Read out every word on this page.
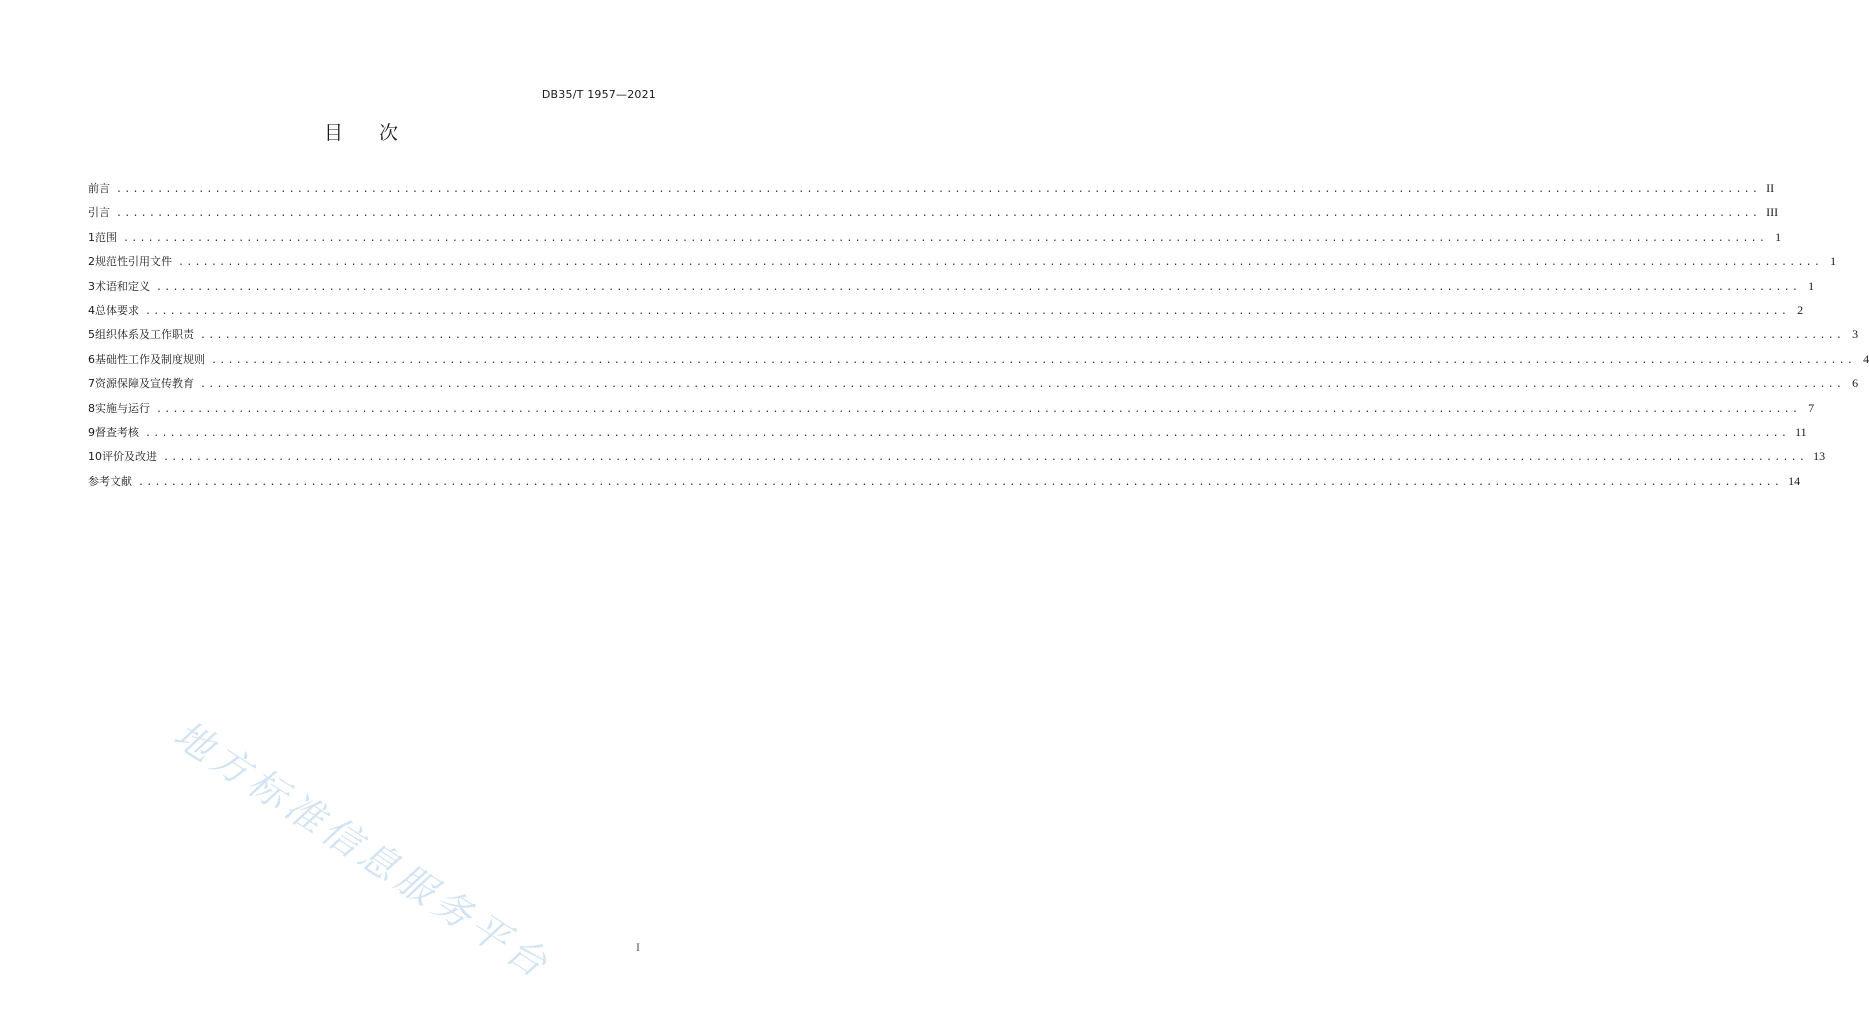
DB35/T 1957—2021
目 次
前言 ........................................................................................................................................................................................................ II
引言 ........................................................................................................................................................................................................ III
1 范围 ........................................................................................................................................................................................................ 1
2 规范性引用文件 ........................................................................................................................................................................................................ 1
3 术语和定义 ........................................................................................................................................................................................................ 1
4 总体要求 ........................................................................................................................................................................................................ 2
5 组织体系及工作职责 ........................................................................................................................................................................................................ 3
6 基础性工作及制度规则 ........................................................................................................................................................................................................ 4
7 资源保障及宣传教育 ........................................................................................................................................................................................................ 6
8 实施与运行 ........................................................................................................................................................................................................ 7
9 督查考核 ........................................................................................................................................................................................................ 11
10 评价及改进 ........................................................................................................................................................................................................ 13
参考文献 ........................................................................................................................................................................................................ 14
地方标准信息服务平台	I
